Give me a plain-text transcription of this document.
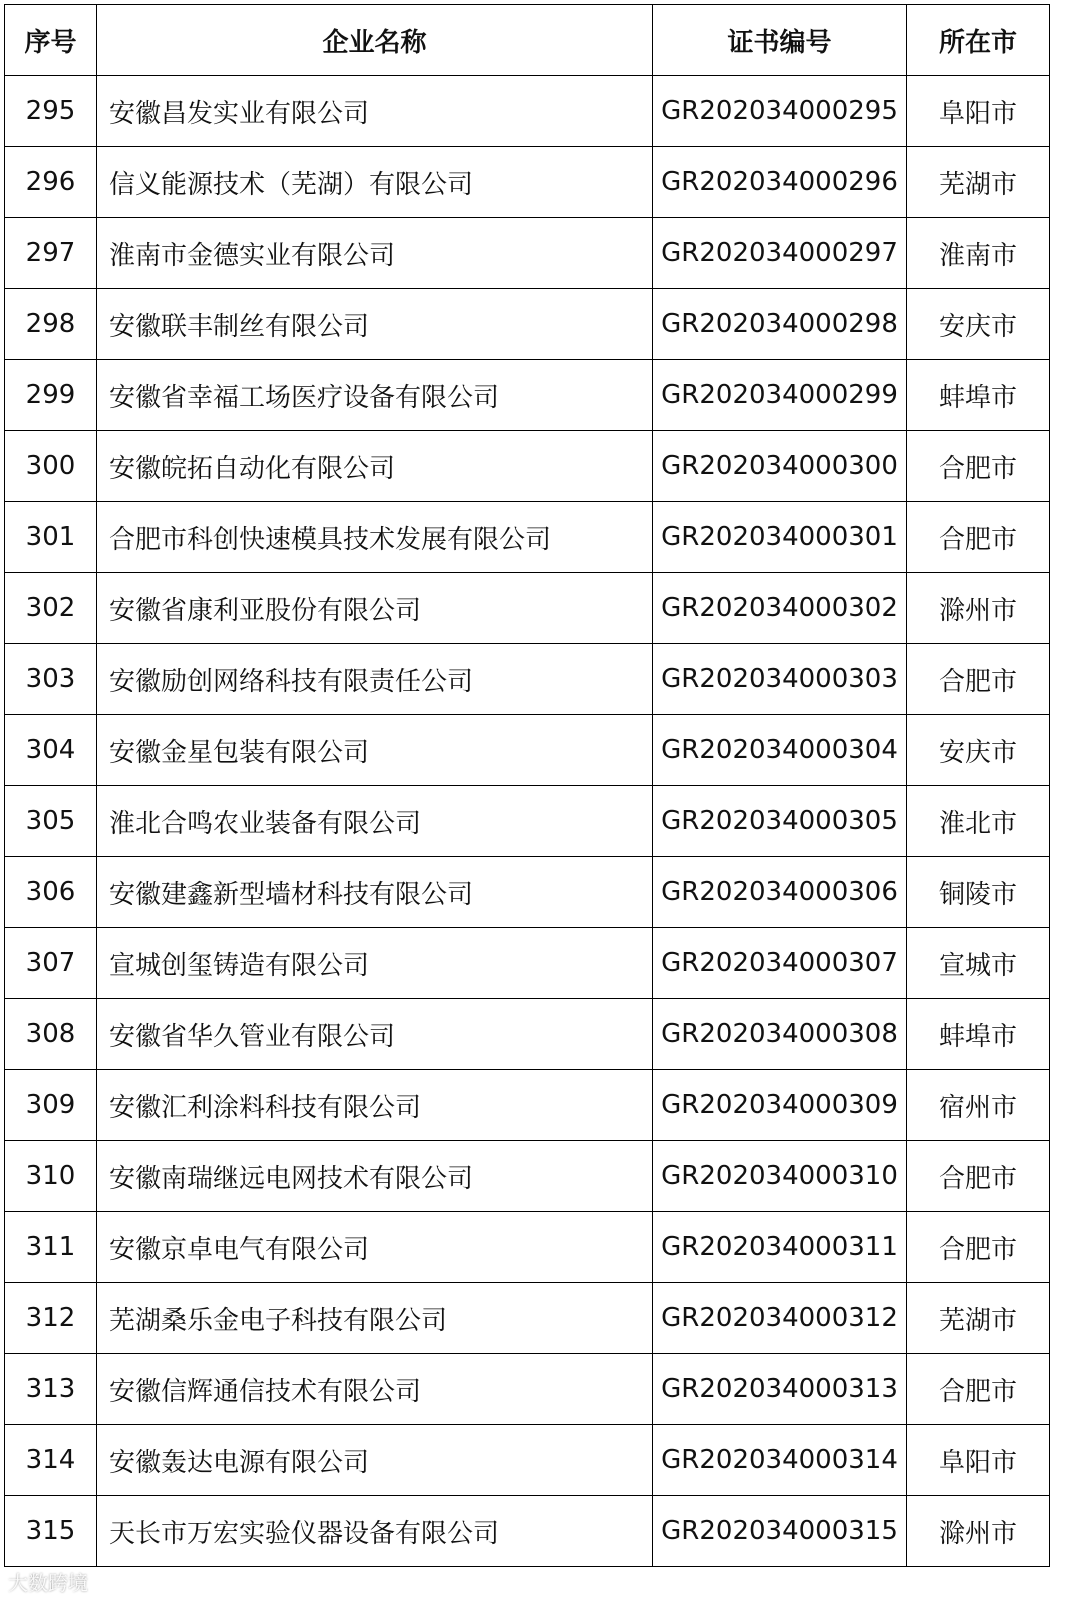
序号	企业名称	证书编号	所在市
295	安徽昌发实业有限公司	GR202034000295	阜阳市
296	信义能源技术（芜湖）有限公司	GR202034000296	芜湖市
297	淮南市金德实业有限公司	GR202034000297	淮南市
298	安徽联丰制丝有限公司	GR202034000298	安庆市
299	安徽省幸福工场医疗设备有限公司	GR202034000299	蚌埠市
300	安徽皖拓自动化有限公司	GR202034000300	合肥市
301	合肥市科创快速模具技术发展有限公司	GR202034000301	合肥市
302	安徽省康利亚股份有限公司	GR202034000302	滁州市
303	安徽励创网络科技有限责任公司	GR202034000303	合肥市
304	安徽金星包装有限公司	GR202034000304	安庆市
305	淮北合鸣农业装备有限公司	GR202034000305	淮北市
306	安徽建鑫新型墙材科技有限公司	GR202034000306	铜陵市
307	宣城创玺铸造有限公司	GR202034000307	宣城市
308	安徽省华久管业有限公司	GR202034000308	蚌埠市
309	安徽汇利涂料科技有限公司	GR202034000309	宿州市
310	安徽南瑞继远电网技术有限公司	GR202034000310	合肥市
311	安徽京卓电气有限公司	GR202034000311	合肥市
312	芜湖桑乐金电子科技有限公司	GR202034000312	芜湖市
313	安徽信辉通信技术有限公司	GR202034000313	合肥市
314	安徽轰达电源有限公司	GR202034000314	阜阳市
315	天长市万宏实验仪器设备有限公司	GR202034000315	滁州市
大数跨境
